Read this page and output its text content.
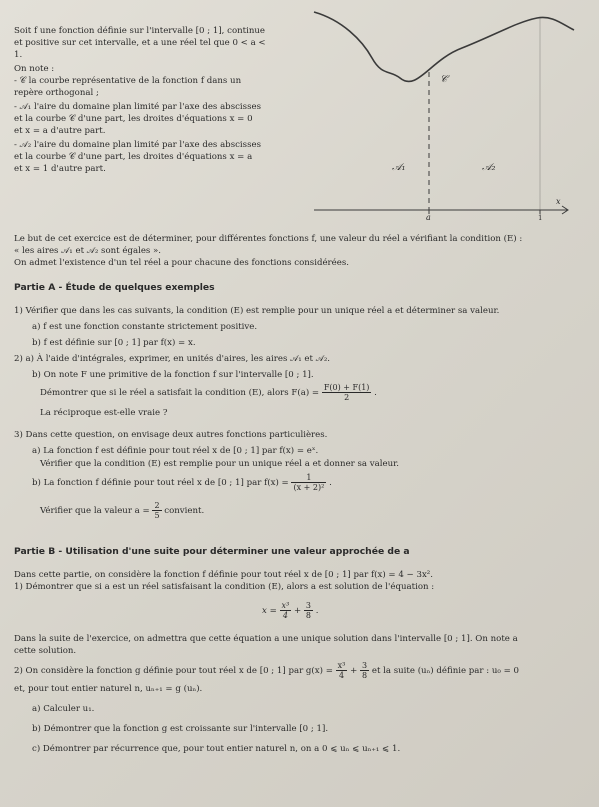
Soit f une fonction définie sur l'intervalle [0 ; 1], continue
et positive sur cet intervalle, et a une réel tel que 0 < a <
1.
On note :
- 𝒞 la courbe représentative de la fonction f dans un
repère orthogonal ;
- 𝒜₁ l'aire du domaine plan limité par l'axe des abscisses
et la courbe 𝒞 d'une part, les droites d'équations x = 0
et x = a d'autre part.
- 𝒜₂ l'aire du domaine plan limité par l'axe des abscisses
et la courbe 𝒞 d'une part, les droites d'équations x = a
et x = 1 d'autre part.
𝒞
𝒜₁	𝒜₂
x
a	1
Le but de cet exercice est de déterminer, pour différentes fonctions f, une valeur du réel a vérifiant la condition (E) :
« les aires 𝒜₁ et 𝒜₂ sont égales ».
On admet l'existence d'un tel réel a pour chacune des fonctions considérées.
Partie A - Étude de quelques exemples
1) Vérifier que dans les cas suivants, la condition (E) est remplie pour un unique réel a et déterminer sa valeur.
a) f est une fonction constante strictement positive.
b) f est définie sur [0 ; 1] par f(x) = x.
2) a) À l'aide d'intégrales, exprimer, en unités d'aires, les aires 𝒜₁ et 𝒜₂.
b) On note F une primitive de la fonction f sur l'intervalle [0 ; 1].
Démontrer que si le réel a satisfait la condition (E), alors $F(a) = \frac{F(0) + F(1)}{2}$ .
La réciproque est-elle vraie ?
3) Dans cette question, on envisage deux autres fonctions particulières.
a) La fonction f est définie pour tout réel x de [0 ; 1] par f(x) = eˣ.
Vérifier que la condition (E) est remplie pour un unique réel a et donner sa valeur.
b) La fonction f définie pour tout réel x de [0 ; 1] par $f(x) = \frac{1}{\text{(x + 2)²}}$ .
Vérifier que la valeur $a = \frac{2}{5}$ convient.
Partie B - Utilisation d'une suite pour déterminer une valeur approchée de a
Dans cette partie, on considère la fonction f définie pour tout réel x de [0 ; 1] par f(x) = 4 − 3x².
1) Démontrer que si a est un réel satisfaisant la condition (E), alors a est solution de l'équation :
$x = \frac{\text{x³}}{4} + \frac{3}{8}$ .
Dans la suite de l'exercice, on admettra que cette équation a une unique solution dans l'intervalle [0 ; 1]. On note a
cette solution.
2) On considère la fonction g définie pour tout réel x de [0 ; 1] par $g(x) = \frac{\text{x³}}{4} + \frac{3}{8}$ et la suite (uₙ) définie par : u₀ = 0
et, pour tout entier naturel n, uₙ₊₁ = g (uₙ).
a) Calculer u₁.
b) Démontrer que la fonction g est croissante sur l'intervalle [0 ; 1].
c) Démontrer par récurrence que, pour tout entier naturel n, on a 0 ⩽ uₙ ⩽ uₙ₊₁ ⩽ 1.
